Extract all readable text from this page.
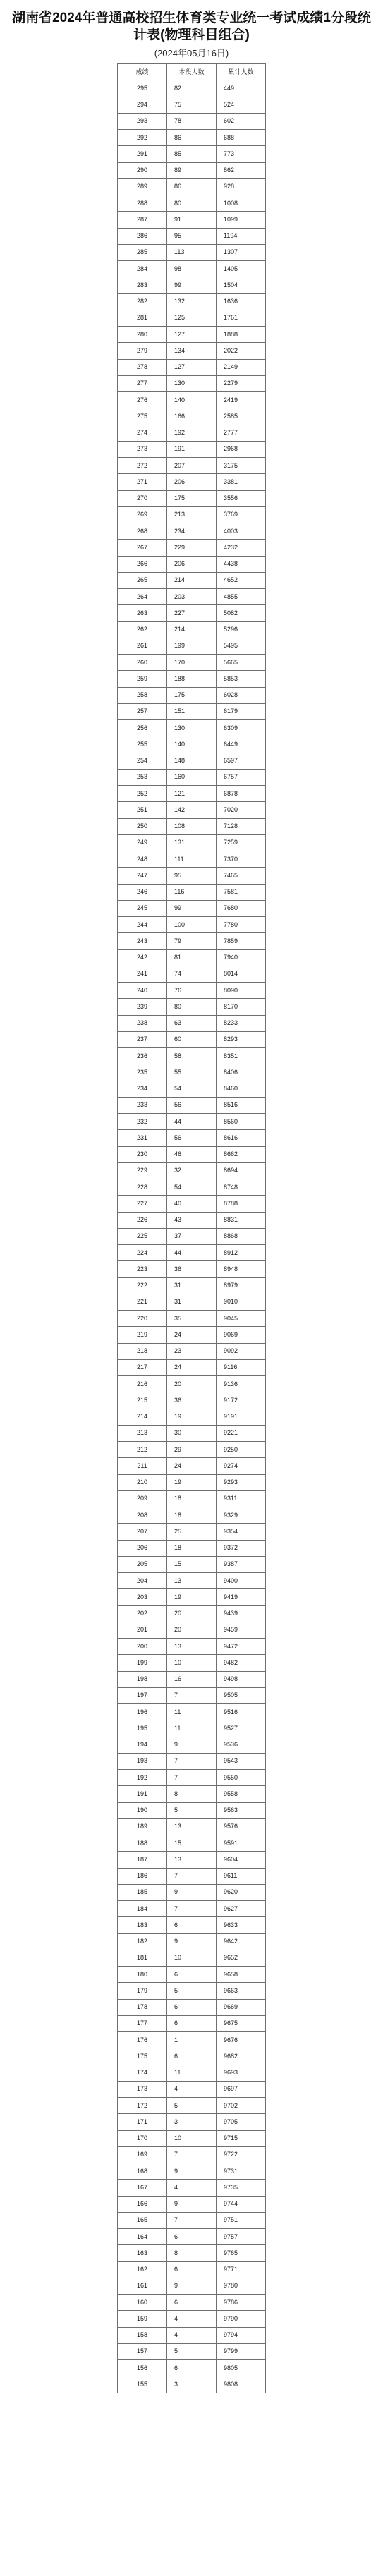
湖南省2024年普通高校招生体育类专业统一考试成绩1分段统计表(物理科目组合)
(2024年05月16日)
成绩	本段人数	累计人数
295	82	449
294	75	524
293	78	602
292	86	688
291	85	773
290	89	862
289	86	928
288	80	1008
287	91	1099
286	95	1194
285	113	1307
284	98	1405
283	99	1504
282	132	1636
281	125	1761
280	127	1888
279	134	2022
278	127	2149
277	130	2279
276	140	2419
275	166	2585
274	192	2777
273	191	2968
272	207	3175
271	206	3381
270	175	3556
269	213	3769
268	234	4003
267	229	4232
266	206	4438
265	214	4652
264	203	4855
263	227	5082
262	214	5296
261	199	5495
260	170	5665
259	188	5853
258	175	6028
257	151	6179
256	130	6309
255	140	6449
254	148	6597
253	160	6757
252	121	6878
251	142	7020
250	108	7128
249	131	7259
248	111	7370
247	95	7465
246	116	7581
245	99	7680
244	100	7780
243	79	7859
242	81	7940
241	74	8014
240	76	8090
239	80	8170
238	63	8233
237	60	8293
236	58	8351
235	55	8406
234	54	8460
233	56	8516
232	44	8560
231	56	8616
230	46	8662
229	32	8694
228	54	8748
227	40	8788
226	43	8831
225	37	8868
224	44	8912
223	36	8948
222	31	8979
221	31	9010
220	35	9045
219	24	9069
218	23	9092
217	24	9116
216	20	9136
215	36	9172
214	19	9191
213	30	9221
212	29	9250
211	24	9274
210	19	9293
209	18	9311
208	18	9329
207	25	9354
206	18	9372
205	15	9387
204	13	9400
203	19	9419
202	20	9439
201	20	9459
200	13	9472
199	10	9482
198	16	9498
197	7	9505
196	11	9516
195	11	9527
194	9	9536
193	7	9543
192	7	9550
191	8	9558
190	5	9563
189	13	9576
188	15	9591
187	13	9604
186	7	9611
185	9	9620
184	7	9627
183	6	9633
182	9	9642
181	10	9652
180	6	9658
179	5	9663
178	6	9669
177	6	9675
176	1	9676
175	6	9682
174	11	9693
173	4	9697
172	5	9702
171	3	9705
170	10	9715
169	7	9722
168	9	9731
167	4	9735
166	9	9744
165	7	9751
164	6	9757
163	8	9765
162	6	9771
161	9	9780
160	6	9786
159	4	9790
158	4	9794
157	5	9799
156	6	9805
155	3	9808
